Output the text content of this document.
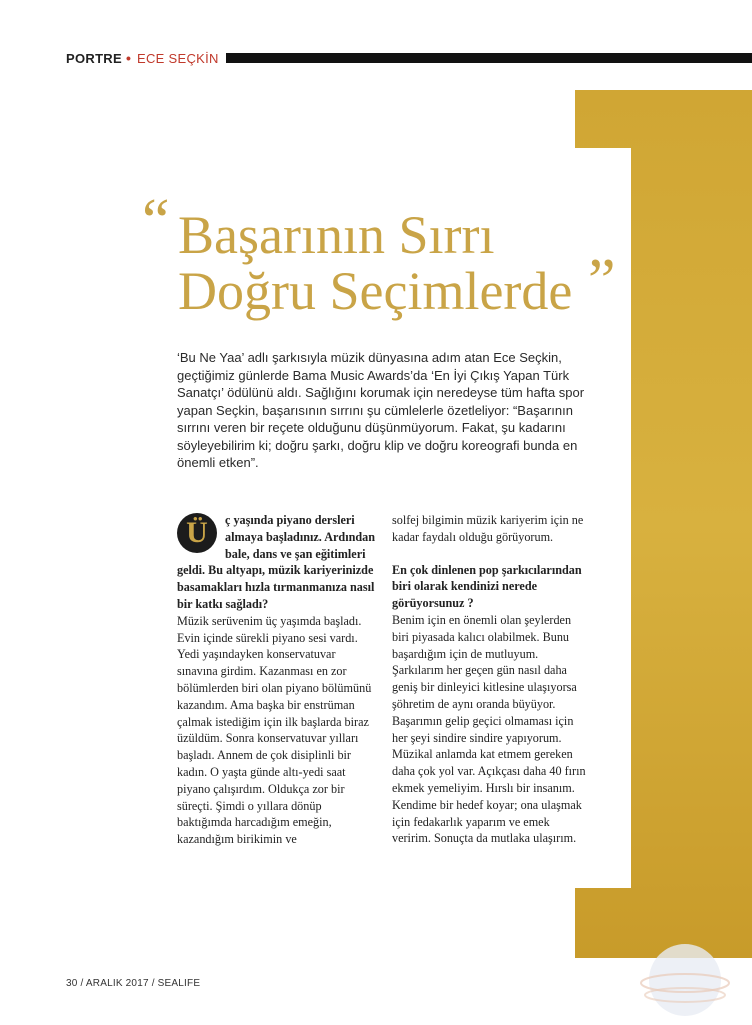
PORTRE • ECE SEÇKİN
“ Başarının Sırrı
Doğru Seçimlerde ”
‘Bu Ne Yaa’ adlı şarkısıyla müzik dünyasına adım atan Ece Seçkin, geçtiğimiz günlerde Bama Music Awards’da ‘En İyi Çıkış Yapan Türk Sanatçı’ ödülünü aldı. Sağlığını korumak için neredeyse tüm hafta spor yapan Seçkin, başarısının sırrını şu cümlelerle özetleliyor: “Başarının sırrını veren bir reçete olduğunu düşünmüyorum. Fakat, şu kadarını söyleyebilirim ki; doğru şarkı, doğru klip ve doğru koreografi bunda en önemli etken”.

Ü	ç yaşında piyano dersleri almaya başladınız. Ardından bale, dans ve şan eğitimleri geldi. Bu altyapı, müzik kariyerinizde basamakları hızla tırmanmanıza nasıl bir katkı sağladı?

Müzik serüvenim üç yaşımda başladı. Evin içinde sürekli piyano sesi vardı. Yedi yaşındayken konservatuvar sınavına girdim. Kazanması en zor bölümlerden biri olan piyano bölümünü kazandım. Ama başka bir enstrüman çalmak istediğim için ilk başlarda biraz üzüldüm. Sonra konservatuvar yılları başladı. Annem de çok disiplinli bir kadın. O yaşta günde altı-yedi saat piyano çalışırdım. Oldukça zor bir süreçti. Şimdi o yıllara dönüp baktığımda harcadığım emeğin, kazandığım birikimin ve

solfej bilgimin müzik kariyerim için ne kadar faydalı olduğu görüyorum.

En çok dinlenen pop şarkıcılarından biri olarak kendinizi nerede görüyorsunuz ?

Benim için en önemli olan şeylerden biri piyasada kalıcı olabilmek. Bunu başardığım için de mutluyum. Şarkılarım her geçen gün nasıl daha geniş bir dinleyici kitlesine ulaşıyorsa şöhretim de aynı oranda büyüyor. Başarımın gelip geçici olmaması için her şeyi sindire sindire yapıyorum. Müzikal anlamda kat etmem gereken daha çok yol var. Açıkçası daha 40 fırın ekmek yemeliyim. Hırslı bir insanım. Kendime bir hedef koyar; ona ulaşmak için fedakarlık yaparım ve emek veririm. Sonuçta da mutlaka ulaşırım.

30 / ARALIK 2017 / SEALIFE
